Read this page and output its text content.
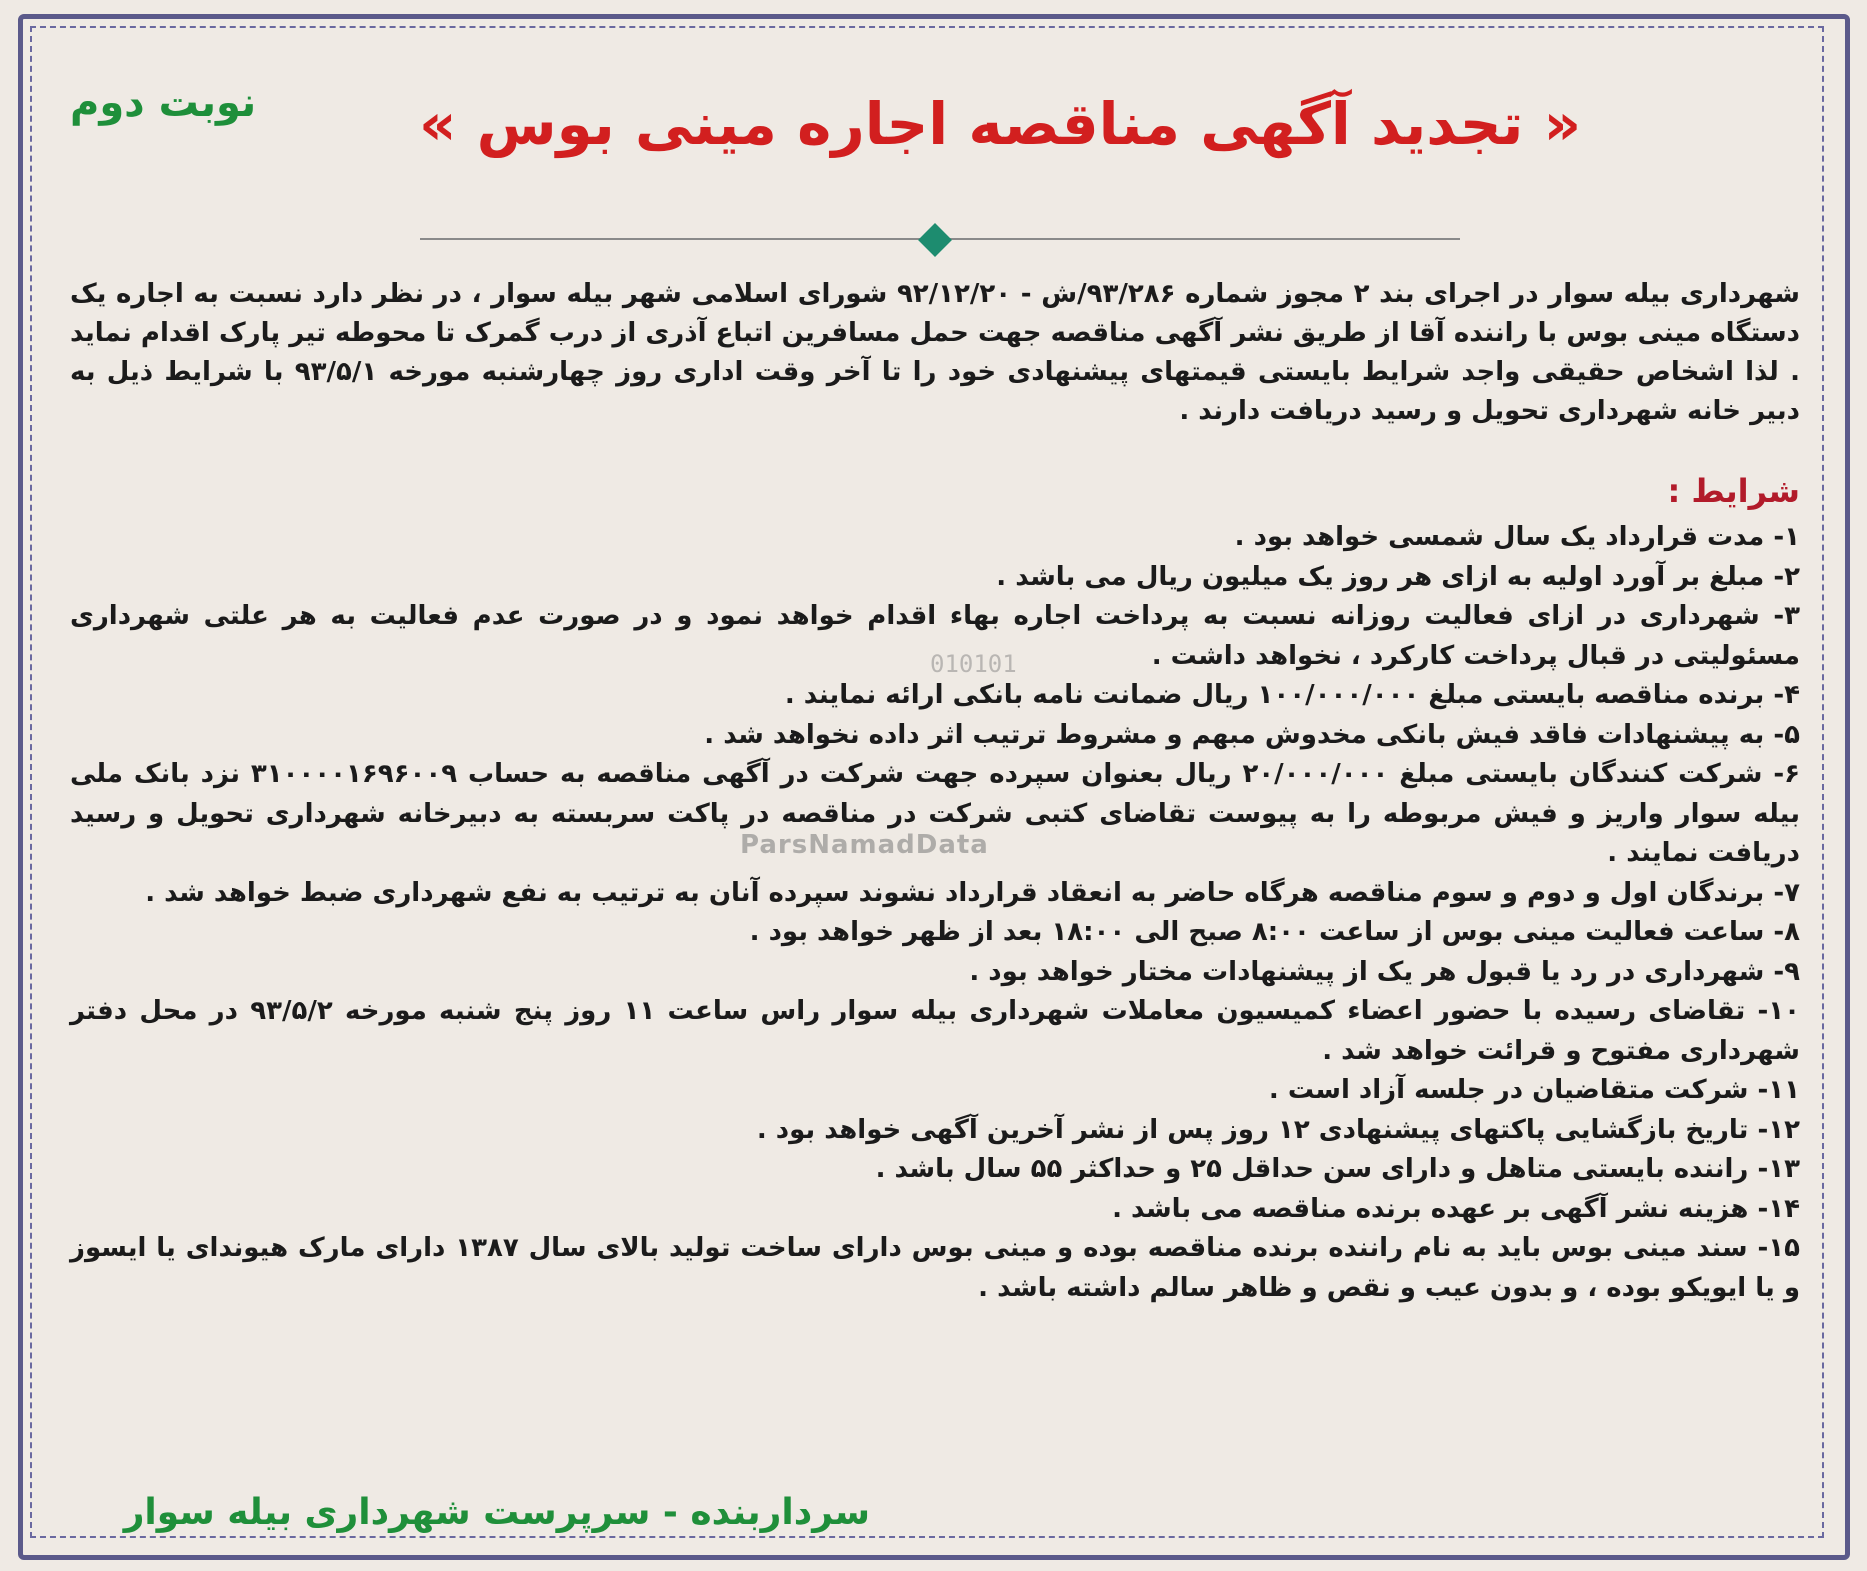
نوبت دوم	« تجدید آگهی مناقصه اجاره مینی بوس »
شهرداری بیله سوار در اجرای بند ۲ مجوز شماره ۹۳/۲۸۶/ش - ۹۲/۱۲/۲۰ شورای اسلامی شهر بیله سوار ، در نظر دارد نسبت به اجاره یک دستگاه مینی بوس با راننده آقا از طریق نشر آگهی مناقصه جهت حمل مسافرین اتباع آذری از درب گمرک تا محوطه تیر پارک اقدام نماید . لذا اشخاص حقیقی واجد شرایط بایستی قیمتهای پیشنهادی خود را تا آخر وقت اداری روز چهارشنبه مورخه ۹۳/۵/۱ با شرایط ذیل به دبیر خانه شهرداری تحویل و رسید دریافت دارند .
شرایط :
۱- مدت قرارداد یک سال شمسی خواهد بود .
۲- مبلغ بر آورد اولیه به ازای هر روز یک میلیون ریال می باشد .
۳- شهرداری در ازای فعالیت روزانه نسبت به پرداخت اجاره بهاء اقدام خواهد نمود و در صورت عدم فعالیت به هر علتی شهرداری مسئولیتی در قبال پرداخت کارکرد ، نخواهد داشت .
۴- برنده مناقصه بایستی مبلغ ۱۰۰/۰۰۰/۰۰۰ ریال ضمانت نامه بانکی ارائه نمایند .
۵- به پیشنهادات فاقد فیش بانکی مخدوش مبهم و مشروط ترتیب اثر داده نخواهد شد .
۶- شرکت کنندگان بایستی مبلغ ۲۰/۰۰۰/۰۰۰ ریال بعنوان سپرده جهت شرکت در آگهی مناقصه به حساب ۳۱۰۰۰۰۱۶۹۶۰۰۹ نزد بانک ملی بیله سوار واریز و فیش مربوطه را به پیوست تقاضای کتبی شرکت در مناقصه در پاکت سربسته به دبیرخانه شهرداری تحویل و رسید دریافت نمایند .
۷- برندگان اول و دوم و سوم مناقصه هرگاه حاضر به انعقاد قرارداد نشوند سپرده آنان به ترتیب به نفع شهرداری ضبط خواهد شد .
۸- ساعت فعالیت مینی بوس از ساعت ۸:۰۰ صبح الی ۱۸:۰۰ بعد از ظهر خواهد بود .
۹- شهرداری در رد یا قبول هر یک از پیشنهادات مختار خواهد بود .
۱۰- تقاضای رسیده با حضور اعضاء کمیسیون معاملات شهرداری بیله سوار راس ساعت ۱۱ روز پنج شنبه مورخه ۹۳/۵/۲ در محل دفتر شهرداری مفتوح و قرائت خواهد شد .
۱۱- شرکت متقاضیان در جلسه آزاد است .
۱۲- تاریخ بازگشایی پاکتهای پیشنهادی ۱۲ روز پس از نشر آخرین آگهی خواهد بود .
۱۳- راننده بایستی متاهل و دارای سن حداقل ۲۵ و حداکثر ۵۵ سال باشد .
۱۴- هزینه نشر آگهی بر عهده برنده مناقصه می باشد .
۱۵- سند مینی بوس باید به نام راننده برنده مناقصه بوده و مینی بوس دارای ساخت تولید بالای سال ۱۳۸۷ دارای مارک هیوندای یا ایسوز و یا ایویکو بوده ، و بدون عیب و نقص و ظاهر سالم داشته باشد .
سرداربنده - سرپرست شهرداری بیله سوار
010101
ParsNamadData
